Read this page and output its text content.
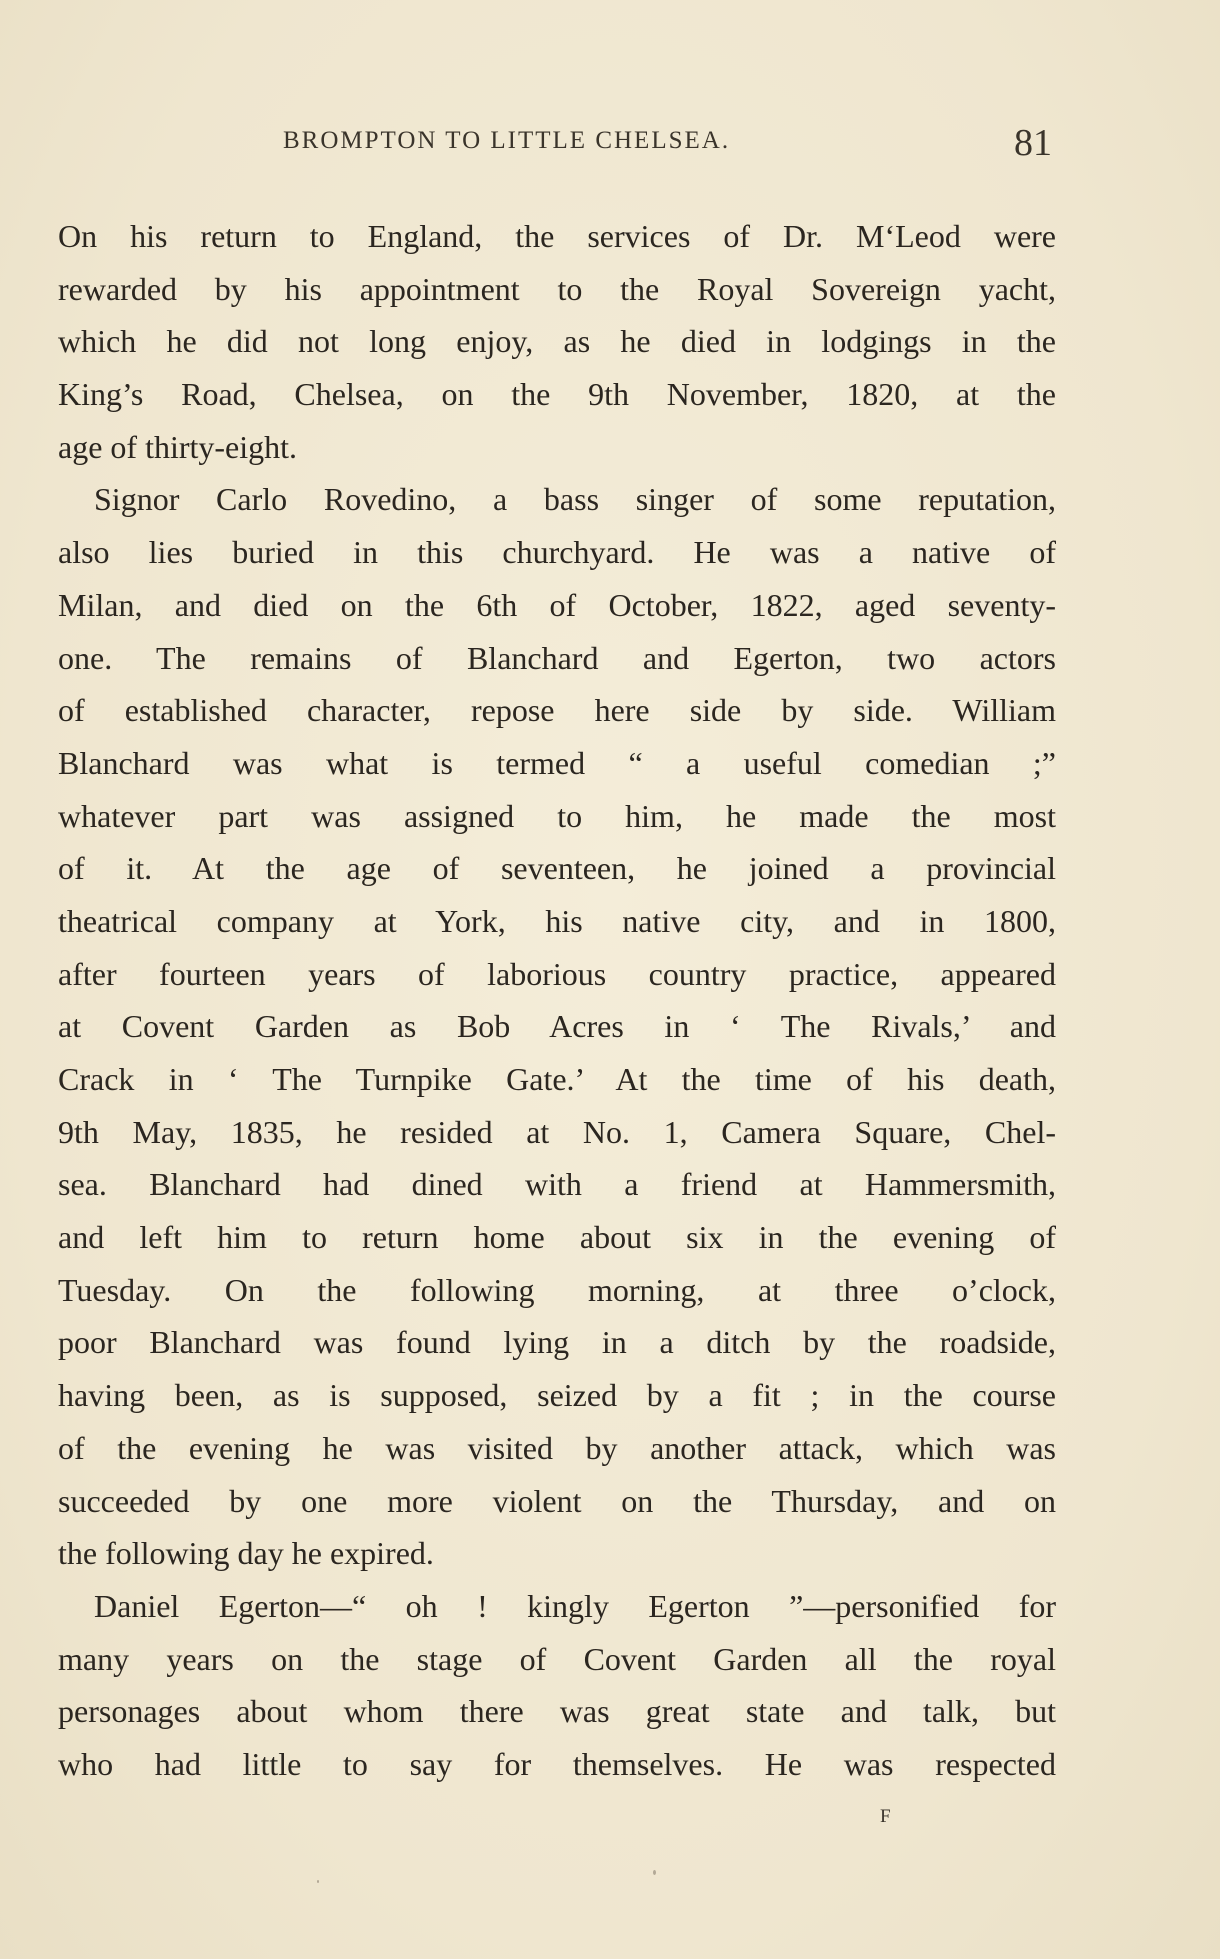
BROMPTON TO LITTLE CHELSEA.	81
On his return to England, the services of Dr. M‘Leod were
rewarded by his appointment to the Royal Sovereign yacht,
which he did not long enjoy, as he died in lodgings in the
King’s Road, Chelsea, on the 9th November, 1820, at the
age of thirty-eight.
Signor Carlo Rovedino, a bass singer of some reputation,
also lies buried in this churchyard. He was a native of
Milan, and died on the 6th of October, 1822, aged seventy-
one. The remains of Blanchard and Egerton, two actors
of established character, repose here side by side. William
Blanchard was what is termed “ a useful comedian ;”
whatever part was assigned to him, he made the most
of it. At the age of seventeen, he joined a provincial
theatrical company at York, his native city, and in 1800,
after fourteen years of laborious country practice, appeared
at Covent Garden as Bob Acres in ‘ The Rivals,’ and
Crack in ‘ The Turnpike Gate.’ At the time of his death,
9th May, 1835, he resided at No. 1, Camera Square, Chel-
sea. Blanchard had dined with a friend at Hammersmith,
and left him to return home about six in the evening of
Tuesday. On the following morning, at three o’clock,
poor Blanchard was found lying in a ditch by the roadside,
having been, as is supposed, seized by a fit ; in the course
of the evening he was visited by another attack, which was
succeeded by one more violent on the Thursday, and on
the following day he expired.
Daniel Egerton—“ oh ! kingly Egerton ”—personified for
many years on the stage of Covent Garden all the royal
personages about whom there was great state and talk, but
who had little to say for themselves. He was respected
F
